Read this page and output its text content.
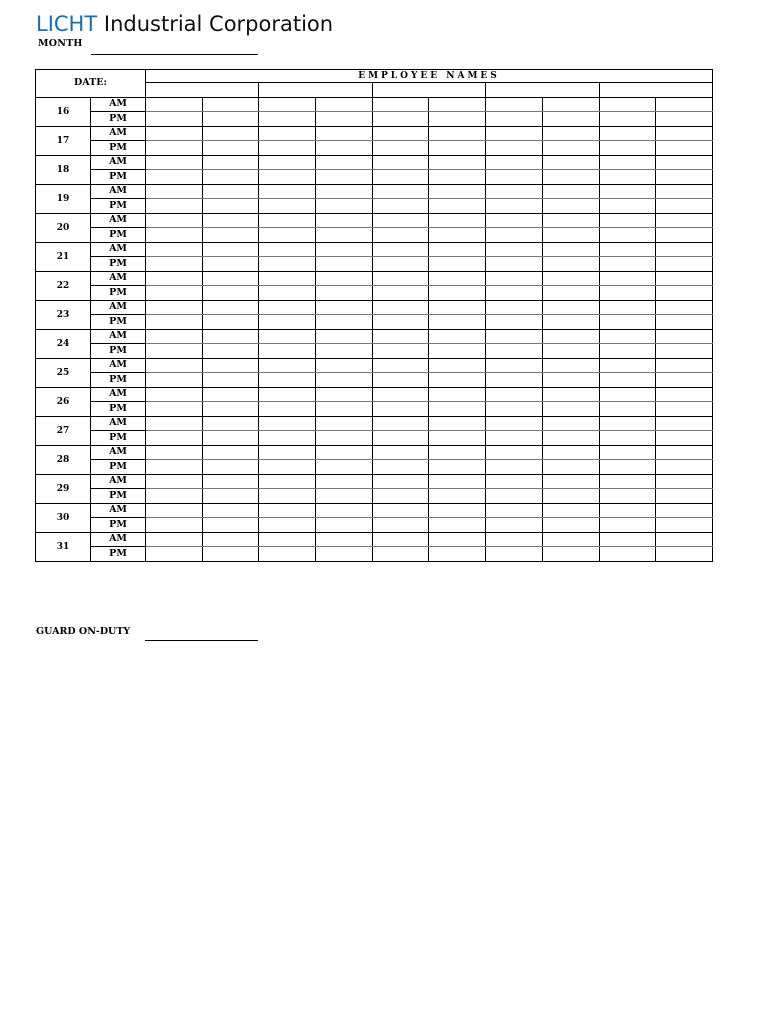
LICHT Industrial Corporation
MONTH
DATE:		EMPLOYEE NAMES									

16	AM										
	PM										
17	AM										
	PM										
18	AM										
	PM										
19	AM										
	PM										
20	AM										
	PM										
21	AM										
	PM										
22	AM										
	PM										
23	AM										
	PM										
24	AM										
	PM										
25	AM										
	PM										
26	AM										
	PM										
27	AM										
	PM										
28	AM										
	PM										
29	AM										
	PM										
30	AM										
	PM										
31	AM										
	PM										
GUARD ON-DUTY
